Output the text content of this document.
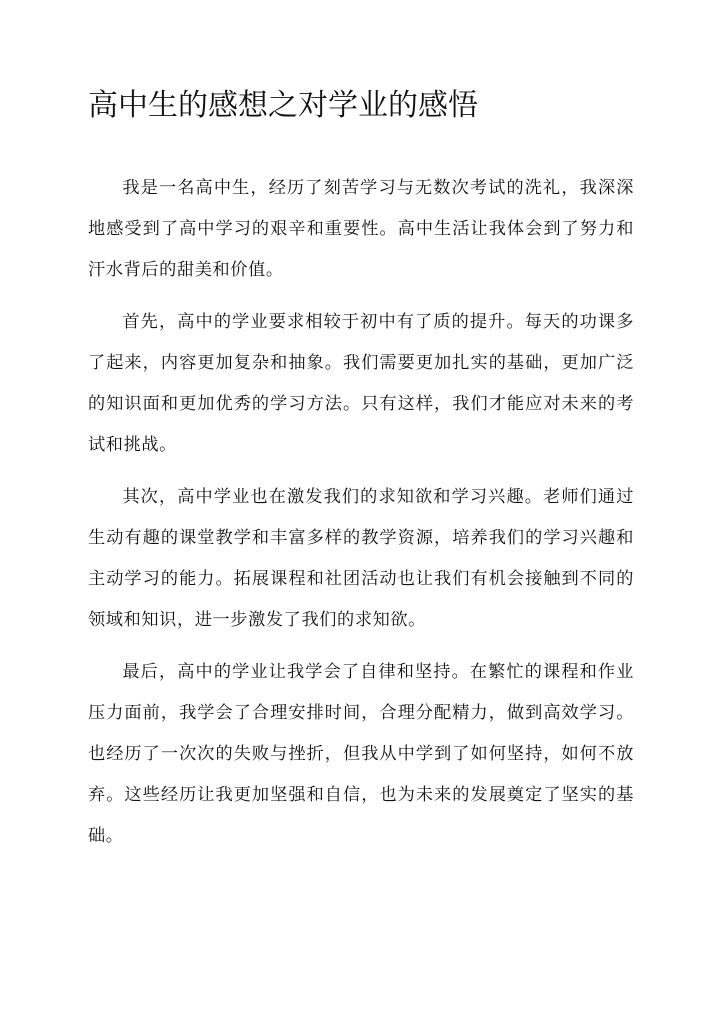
高中生的感想之对学业的感悟

我是一名高中生，经历了刻苦学习与无数次考试的洗礼，我深深地感受到了高中学习的艰辛和重要性。高中生活让我体会到了努力和汗水背后的甜美和价值。

首先，高中的学业要求相较于初中有了质的提升。每天的功课多了起来，内容更加复杂和抽象。我们需要更加扎实的基础，更加广泛的知识面和更加优秀的学习方法。只有这样，我们才能应对未来的考试和挑战。

其次，高中学业也在激发我们的求知欲和学习兴趣。老师们通过生动有趣的课堂教学和丰富多样的教学资源，培养我们的学习兴趣和主动学习的能力。拓展课程和社团活动也让我们有机会接触到不同的领域和知识，进一步激发了我们的求知欲。

最后，高中的学业让我学会了自律和坚持。在繁忙的课程和作业压力面前，我学会了合理安排时间，合理分配精力，做到高效学习。也经历了一次次的失败与挫折，但我从中学到了如何坚持，如何不放弃。这些经历让我更加坚强和自信，也为未来的发展奠定了坚实的基础。
